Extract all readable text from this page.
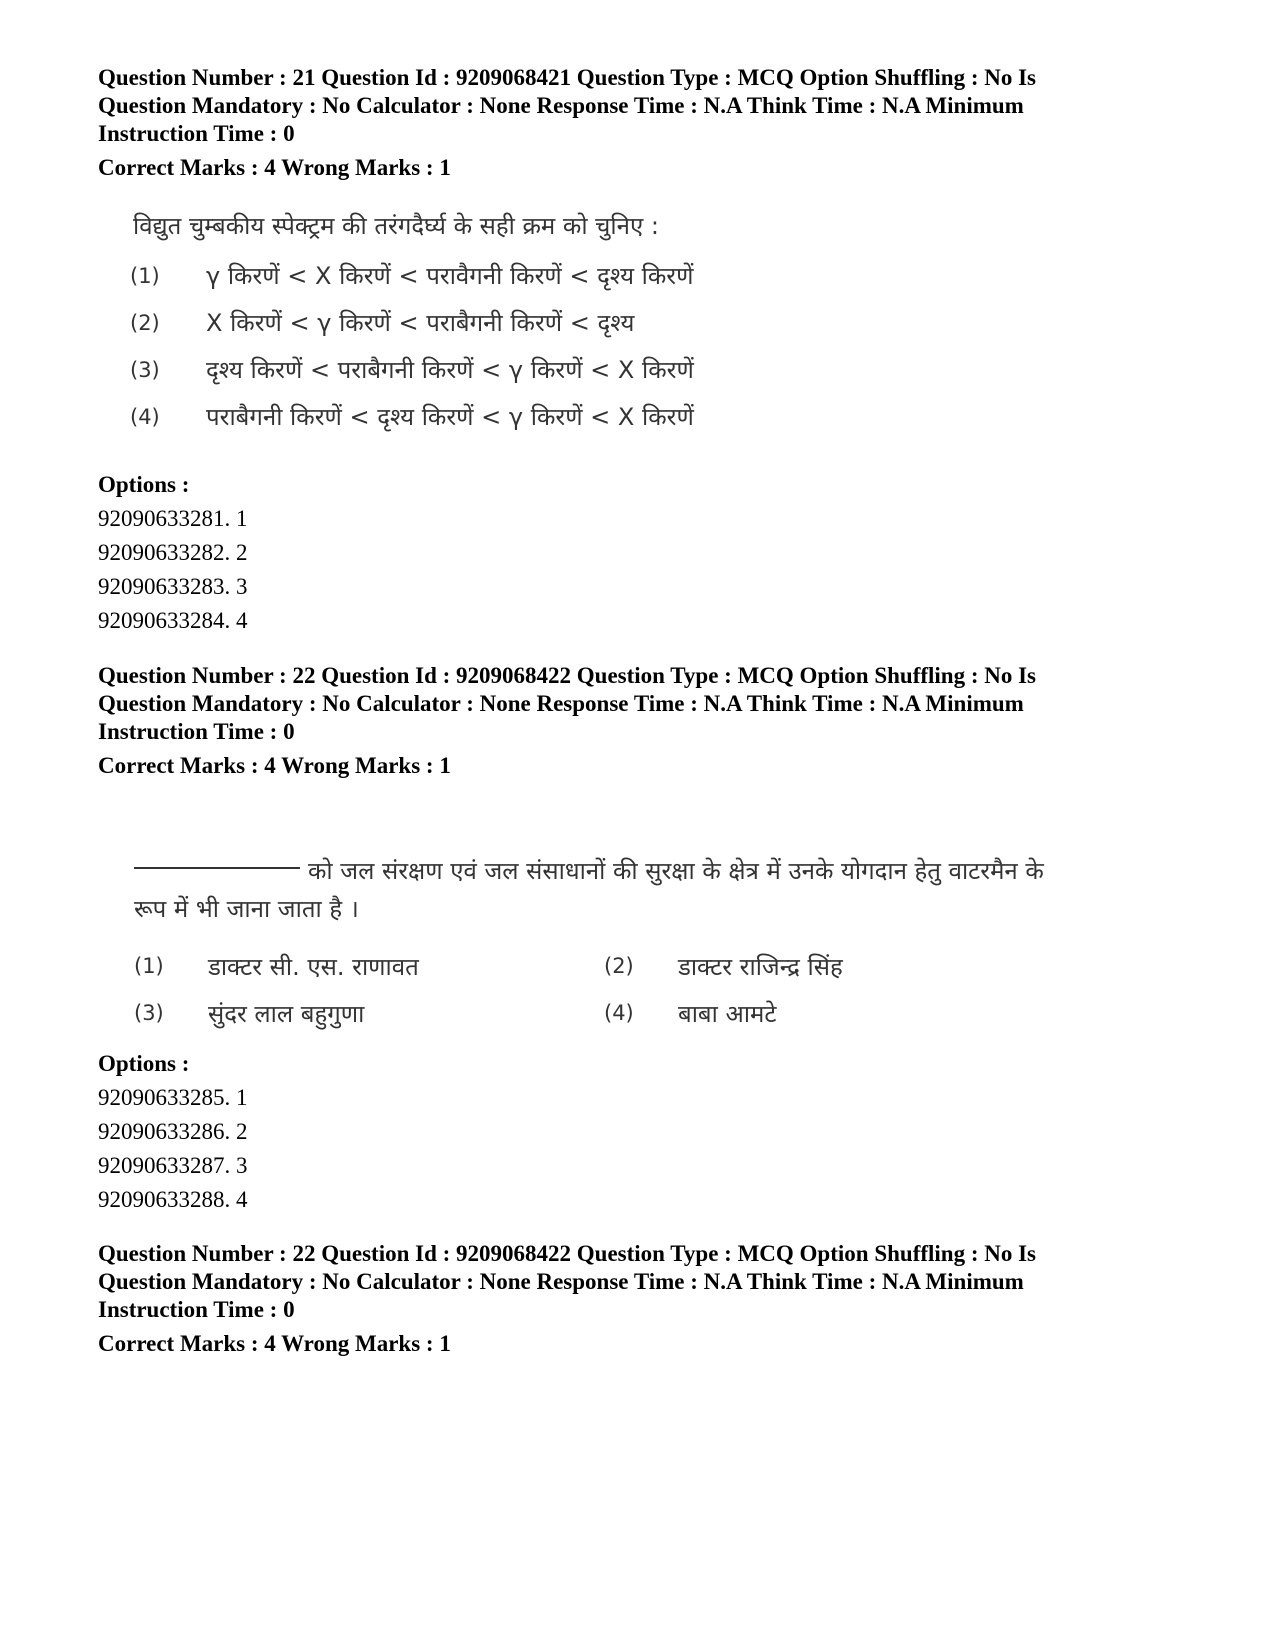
Question Number : 21 Question Id : 9209068421 Question Type : MCQ Option Shuffling : No Is

Question Mandatory : No Calculator : None Response Time : N.A Think Time : N.A Minimum

Instruction Time : 0

Correct Marks : 4 Wrong Marks : 1

विद्युत चुम्बकीय स्पेक्ट्रम की तरंगदैर्घ्य के सही क्रम को चुनिए :

(1)	γ किरणें < X किरणें < परावैगनी किरणें < दृश्य किरणें
(2)	X किरणें < γ किरणें < पराबैगनी किरणें < दृश्य
(3)	दृश्य किरणें < पराबैगनी किरणें < γ किरणें < X किरणें
(4)	पराबैगनी किरणें < दृश्य किरणें < γ किरणें < X किरणें

Options :

92090633281. 1

92090633282. 2

92090633283. 3

92090633284. 4

Question Number : 22 Question Id : 9209068422 Question Type : MCQ Option Shuffling : No Is

Question Mandatory : No Calculator : None Response Time : N.A Think Time : N.A Minimum

Instruction Time : 0

Correct Marks : 4 Wrong Marks : 1

को जल संरक्षण एवं जल संसाधानों की सुरक्षा के क्षेत्र में उनके योगदान हेतु वाटरमैन के

रूप में भी जाना जाता है ।

(1)	डाक्टर सी. एस. राणावत	(2)	डाक्टर राजिन्द्र सिंह
(3)	सुंदर लाल बहुगुणा	(4)	बाबा आमटे

Options :

92090633285. 1

92090633286. 2

92090633287. 3

92090633288. 4

Question Number : 22 Question Id : 9209068422 Question Type : MCQ Option Shuffling : No Is

Question Mandatory : No Calculator : None Response Time : N.A Think Time : N.A Minimum

Instruction Time : 0

Correct Marks : 4 Wrong Marks : 1
